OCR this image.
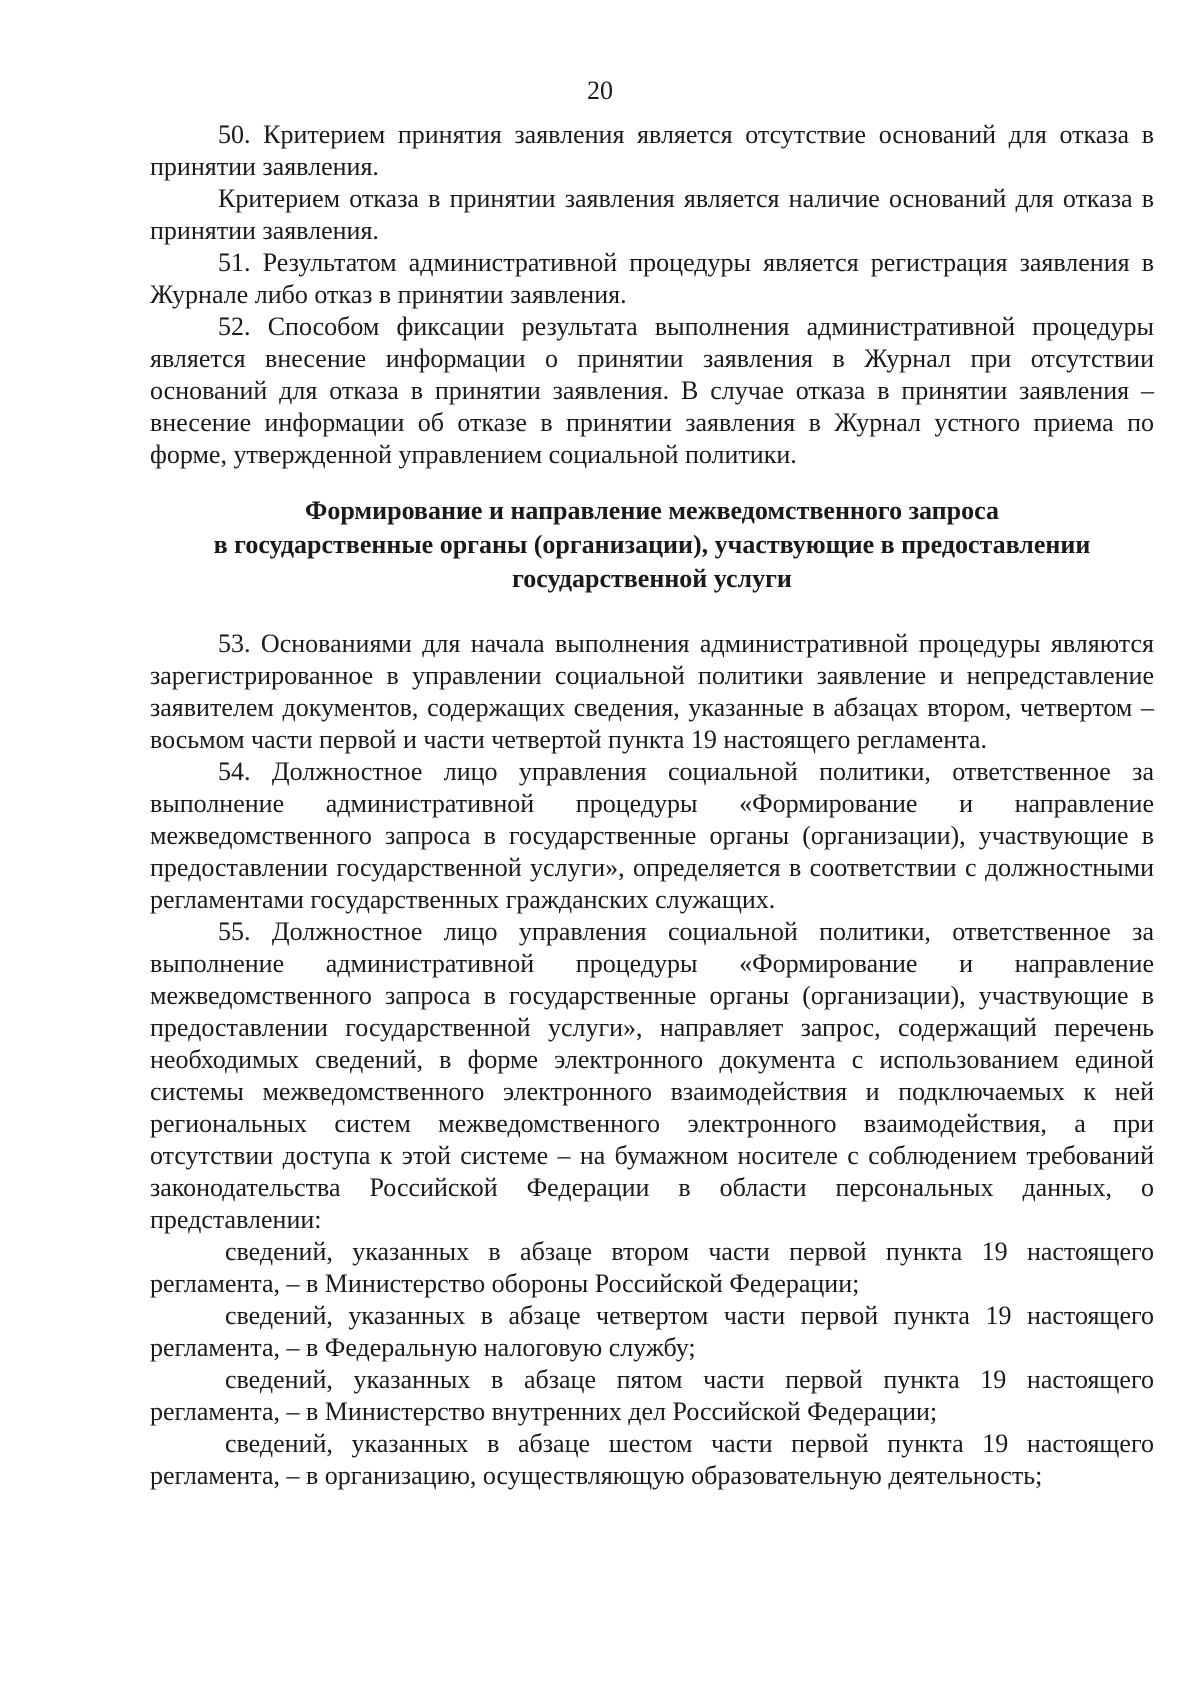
20

50. Критерием принятия заявления является отсутствие оснований для отказа в принятии заявления.

Критерием отказа в принятии заявления является наличие оснований для отказа в принятии заявления.

51. Результатом административной процедуры является регистрация заявления в Журнале либо отказ в принятии заявления.

52. Способом фиксации результата выполнения административной процедуры является внесение информации о принятии заявления в Журнал при отсутствии оснований для отказа в принятии заявления. В случае отказа в принятии заявления – внесение информации об отказе в принятии заявления в Журнал устного приема по форме, утвержденной управлением социальной политики.

Формирование и направление межведомственного запроса
в государственные органы (организации), участвующие в предоставлении
государственной услуги

53. Основаниями для начала выполнения административной процедуры являются зарегистрированное в управлении социальной политики заявление и непредставление заявителем документов, содержащих сведения, указанные в абзацах втором, четвертом – восьмом части первой и части четвертой пункта 19 настоящего регламента.

54. Должностное лицо управления социальной политики, ответственное за выполнение административной процедуры «Формирование и направление межведомственного запроса в государственные органы (организации), участвующие в предоставлении государственной услуги», определяется в соответствии с должностными регламентами государственных гражданских служащих.

55. Должностное лицо управления социальной политики, ответственное за выполнение административной процедуры «Формирование и направление межведомственного запроса в государственные органы (организации), участвующие в предоставлении государственной услуги», направляет запрос, содержащий перечень необходимых сведений, в форме электронного документа с использованием единой системы межведомственного электронного взаимодействия и подключаемых к ней региональных систем межведомственного электронного взаимодействия, а при отсутствии доступа к этой системе – на бумажном носителе с соблюдением требований законодательства Российской Федерации в области персональных данных, о представлении:

сведений, указанных в абзаце втором части первой пункта 19 настоящего регламента, – в Министерство обороны Российской Федерации;

сведений, указанных в абзаце четвертом части первой пункта 19 настоящего регламента, – в Федеральную налоговую службу;

сведений, указанных в абзаце пятом части первой пункта 19 настоящего регламента, – в Министерство внутренних дел Российской Федерации;

сведений, указанных в абзаце шестом части первой пункта 19 настоящего регламента, – в организацию, осуществляющую образовательную деятельность;
